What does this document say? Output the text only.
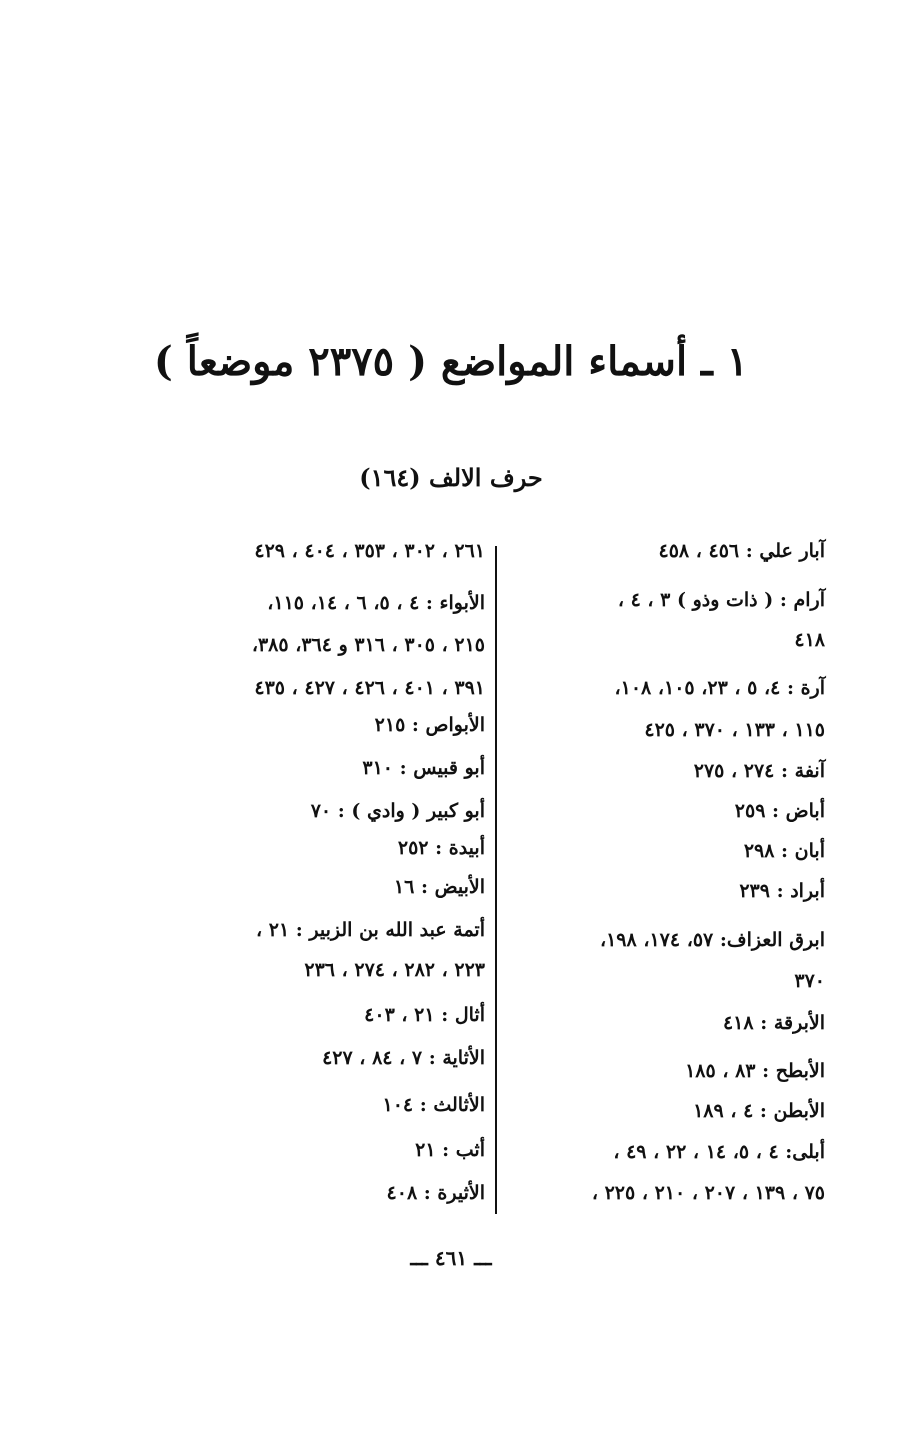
١ ـ أسماء المواضع ( ٢٣٧٥ موضعاً )
حرف الالف (١٦٤)
آبار علي : ٤٥٦ ، ٤٥٨
آرام : ( ذات وذو ) ٣ ، ٤ ،
٤١٨
آرة : ٤، ٥ ، ٢٣، ١٠٥، ١٠٨،
١١٥ ، ١٣٣ ، ٣٧٠ ، ٤٢٥
آنفة : ٢٧٤ ، ٢٧٥
أباض : ٢٥٩
أبان : ٢٩٨
أبراد : ٢٣٩
ابرق العزاف: ٥٧، ١٧٤، ١٩٨،
٣٧٠
الأبرقة : ٤١٨
الأبطح : ٨٣ ، ١٨٥
الأبطن : ٤ ، ١٨٩
أبلى: ٤ ، ٥، ١٤ ، ٢٢ ، ٤٩ ،
٧٥ ، ١٣٩ ، ٢٠٧ ، ٢١٠ ، ٢٢٥ ،
٢٦١ ، ٣٠٢ ، ٣٥٣ ، ٤٠٤ ، ٤٢٩
الأبواء : ٤ ، ٥، ٦ ، ١٤، ١١٥،
٢١٥ ، ٣٠٥ ، ٣١٦ و ٣٦٤، ٣٨٥،
٣٩١ ، ٤٠١ ، ٤٢٦ ، ٤٢٧ ، ٤٣٥
الأبواص : ٢١٥
أبو قبيس : ٣١٠
أبو كبير ( وادي ) : ٧٠
أبيدة : ٢٥٢
الأبيض : ١٦
أتمة عبد الله بن الزبير : ٢١ ،
٢٢٣ ، ٢٨٢ ، ٢٧٤ ، ٢٣٦
أثال : ٢١ ، ٤٠٣
الأثاية : ٧ ، ٨٤ ، ٤٢٧
الأثالث : ١٠٤
أثب : ٢١
الأثيرة : ٤٠٨
ـــ ٤٦١ ـــ
